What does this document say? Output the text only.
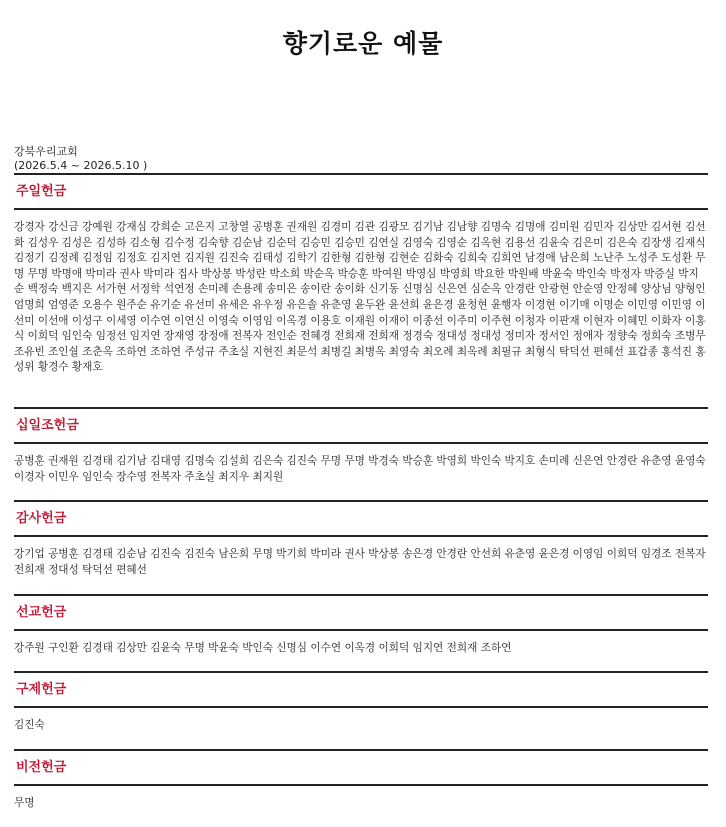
향기로운 예물
강북우리교회
(2026.5.4 ~ 2026.5.10 )
주일헌금
강경자 강신금 강예원 강재심 강희순 고은지 고창열 공병훈 권재원 김경미 김관 김광모 김기남 김남향 김명숙 김명애 김미원 김민자 김상만 김서현 김선화 김성우 김성은 김성하 김소형 김수정 김숙향 김순남 김순덕 김승민 김승민 김연실 김영숙 김영순 김옥현 김용선 김윤숙 김은미 김은숙 김장생 김재식 김정기 김정례 김정임 김정호 김지연 김지원 김진숙 김태성 김학기 김한형 김한형 김현순 김화숙 김희숙 김희연 남경애 남은희 노난주 노성주 도성환 무명 무명 박명애 박미라 권사 박미라 집사 박상봉 박성란 박소희 박순옥 박승훈 박여원 박영심 박영희 박요한 박원배 박윤숙 박인숙 박정자 박증실 박지순 백정숙 백지은 서가현 서정학 석연정 손미례 손용례 송미은 송이란 송이화 신기동 신명심 신은연 심순옥 안경란 안광현 안순영 안정혜 양상님 양형인 엄명희 엄영준 오용수 원주순 유기순 유선미 유세은 유우정 유은솔 유춘영 윤두완 윤선희 윤은경 윤청현 윤행자 이경현 이기매 이명순 이민영 이민영 이선미 이선애 이성구 이세영 이수연 이연신 이영숙 이영임 이옥경 이용호 이재원 이재이 이종선 이주미 이주현 이청자 이판재 이현자 이혜민 이화자 이홍식 이희덕 임인숙 임정선 임지연 장재영 장정애 전복자 전인순 전혜경 전희재 전희재 정경숙 정대성 정대성 정미자 정서인 정애자 정향숙 정희숙 조병무 조유빈 조인숼 조춘옥 조하연 조하연 주성규 주초실 지현진 최문석 최병길 최병옥 최영숙 최오례 최옥례 최필규 최형식 탁덕선 편혜선 표갑종 홍석진 홍성위 황경수 황재호
십일조헌금
공병훈 권재원 김경태 김기남 김대영 김명숙 김설희 김은숙 김진숙 무명 무명 박경숙 박승훈 박영희 박인숙 박지호 손미례 신은연 안경란 유춘영 윤영숙 이경자 이민우 임인숙 장수영 전복자 주초실 최지우 최지원
감사헌금
강기업 공병훈 김경태 김순남 김진숙 김진숙 남은희 무명 박기희 박미라 권사 박상봉 송은경 안경란 안선희 유춘영 윤은경 이영임 이희덕 임경조 전복자 전희재 정대성 탁덕선 편혜선
선교헌금
강주원 구인환 김경태 김상만 김윤숙 무명 박윤숙 박인숙 신명심 이수연 이옥경 이희덕 임지연 전희재 조하연
구제헌금
김진숙
비전헌금
무명
